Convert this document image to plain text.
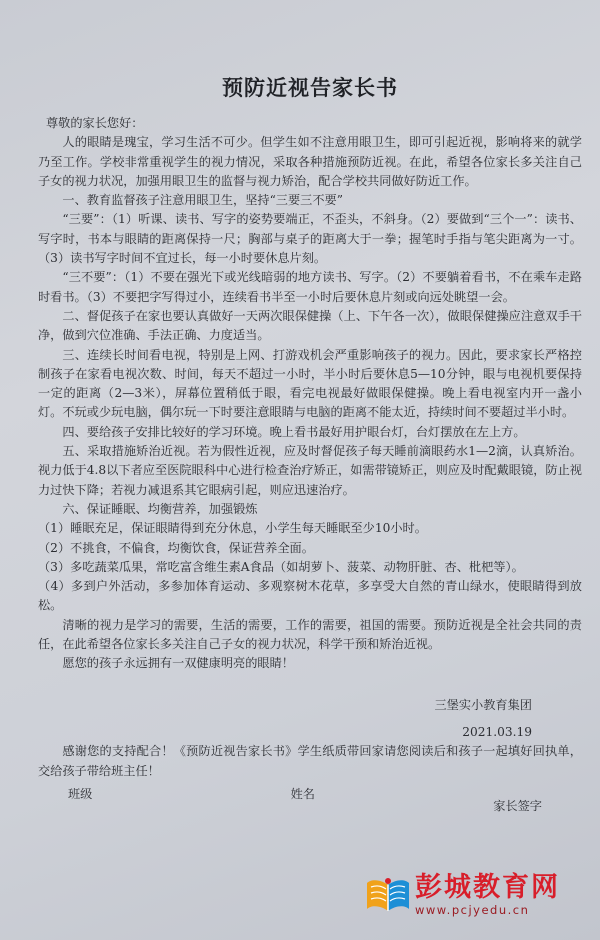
预防近视告家长书

尊敬的家长您好：

人的眼睛是瑰宝，学习生活不可少。但学生如不注意用眼卫生，即可引起近视，影响将来的就学乃至工作。学校非常重视学生的视力情况，采取各种措施预防近视。在此，希望各位家长多关注自己子女的视力状况，加强用眼卫生的监督与视力矫治，配合学校共同做好防近工作。

一、教育监督孩子注意用眼卫生，坚持“三要三不要”

“三要”：（1）听课、读书、写字的姿势要端正，不歪头，不斜身。（2）要做到“三个一”：读书、写字时，书本与眼睛的距离保持一尺；胸部与桌子的距离大于一拳；握笔时手指与笔尖距离为一寸。（3）读书写字时间不宜过长，每一小时要休息片刻。

“三不要”：（1）不要在强光下或光线暗弱的地方读书、写字。（2）不要躺着看书，不在乘车走路时看书。（3）不要把字写得过小，连续看书半至一小时后要休息片刻或向远处眺望一会。

二、督促孩子在家也要认真做好一天两次眼保健操（上、下午各一次），做眼保健操应注意双手干净，做到穴位准确、手法正确、力度适当。

三、连续长时间看电视，特别是上网、打游戏机会严重影响孩子的视力。因此，要求家长严格控制孩子在家看电视次数、时间，每天不超过一小时，半小时后要休息5—10分钟，眼与电视机要保持一定的距离（2—3米），屏幕位置稍低于眼，看完电视最好做眼保健操。晚上看电视室内开一盏小灯。不玩或少玩电脑，偶尔玩一下时要注意眼睛与电脑的距离不能太近，持续时间不要超过半小时。

四、要给孩子安排比较好的学习环境。晚上看书最好用护眼台灯，台灯摆放在左上方。

五、采取措施矫治近视。若为假性近视，应及时督促孩子每天睡前滴眼药水1—2滴，认真矫治。视力低于4.8以下者应至医院眼科中心进行检查治疗矫正，如需带镜矫正，则应及时配戴眼镜，防止视力过快下降；若视力减退系其它眼病引起，则应迅速治疗。

六、保证睡眠、均衡营养，加强锻炼

（1）睡眠充足，保证眼睛得到充分休息，小学生每天睡眠至少10小时。

（2）不挑食，不偏食，均衡饮食，保证营养全面。

（3）多吃蔬菜瓜果，常吃富含维生素A食品（如胡萝卜、菠菜、动物肝脏、杏、枇杷等）。

（4）多到户外活动，多参加体育运动、多观察树木花草，多享受大自然的青山绿水，使眼睛得到放松。

清晰的视力是学习的需要，生活的需要，工作的需要，祖国的需要。预防近视是全社会共同的责任，在此希望各位家长多关注自己子女的视力状况，科学干预和矫治近视。

愿您的孩子永远拥有一双健康明亮的眼睛！

三堡实小教育集团

2021.03.19

感谢您的支持配合！《预防近视告家长书》学生纸质带回家请您阅读后和孩子一起填好回执单，交给孩子带给班主任！

班级	姓名
家长签字
彭城教育网
www.pcjyedu.cn
